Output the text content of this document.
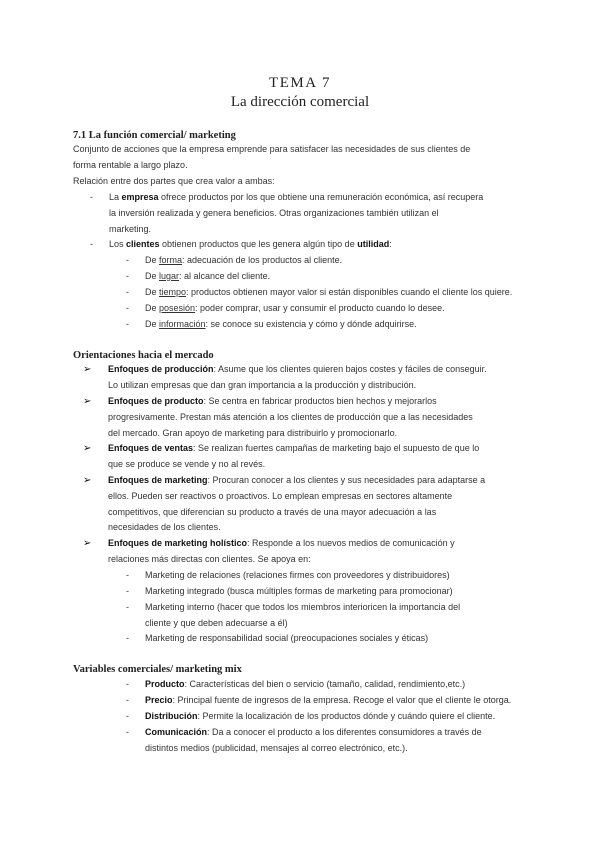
TEMA 7
La dirección comercial
7.1 La función comercial/ marketing
Conjunto de acciones que la empresa emprende para satisfacer las necesidades de sus clientes de
forma rentable a largo plazo.
Relación entre dos partes que crea valor a ambas:
- La empresa ofrece productos por los que obtiene una remuneración económica, así recupera
la inversión realizada y genera beneficios. Otras organizaciones también utilizan el
marketing.
- Los clientes obtienen productos que les genera algún tipo de utilidad:
- De forma: adecuación de los productos al cliente.
- De lugar: al alcance del cliente.
- De tiempo: productos obtienen mayor valor si están disponibles cuando el cliente los quiere.
- De posesión: poder comprar, usar y consumir el producto cuando lo desee.
- De información: se conoce su existencia y cómo y dónde adquirirse.
Orientaciones hacia el mercado
➢ Enfoques de producción: Asume que los clientes quieren bajos costes y fáciles de conseguir.
Lo utilizan empresas que dan gran importancia a la producción y distribución.
➢ Enfoques de producto: Se centra en fabricar productos bien hechos y mejorarlos
progresivamente. Prestan más atención a los clientes de producción que a las necesidades
del mercado. Gran apoyo de marketing para distribuirlo y promocionarlo.
➢ Enfoques de ventas: Se realizan fuertes campañas de marketing bajo el supuesto de que lo
que se produce se vende y no al revés.
➢ Enfoques de marketing: Procuran conocer a los clientes y sus necesidades para adaptarse a
ellos. Pueden ser reactivos o proactivos. Lo emplean empresas en sectores altamente
competitivos, que diferencian su producto a través de una mayor adecuación a las
necesidades de los clientes.
➢ Enfoques de marketing holístico: Responde a los nuevos medios de comunicación y
relaciones más directas con clientes. Se apoya en:
- Marketing de relaciones (relaciones firmes con proveedores y distribuidores)
- Marketing integrado (busca múltiples formas de marketing para promocionar)
- Marketing interno (hacer que todos los miembros interioricen la importancia del
cliente y que deben adecuarse a él)
- Marketing de responsabilidad social (preocupaciones sociales y éticas)
Variables comerciales/ marketing mix
- Producto: Características del bien o servicio (tamaño, calidad, rendimiento,etc.)
- Precio: Principal fuente de ingresos de la empresa. Recoge el valor que el cliente le otorga.
- Distribución: Permite la localización de los productos dónde y cuándo quiere el cliente.
- Comunicación: Da a conocer el producto a los diferentes consumidores a través de
distintos medios (publicidad, mensajes al correo electrónico, etc.).
